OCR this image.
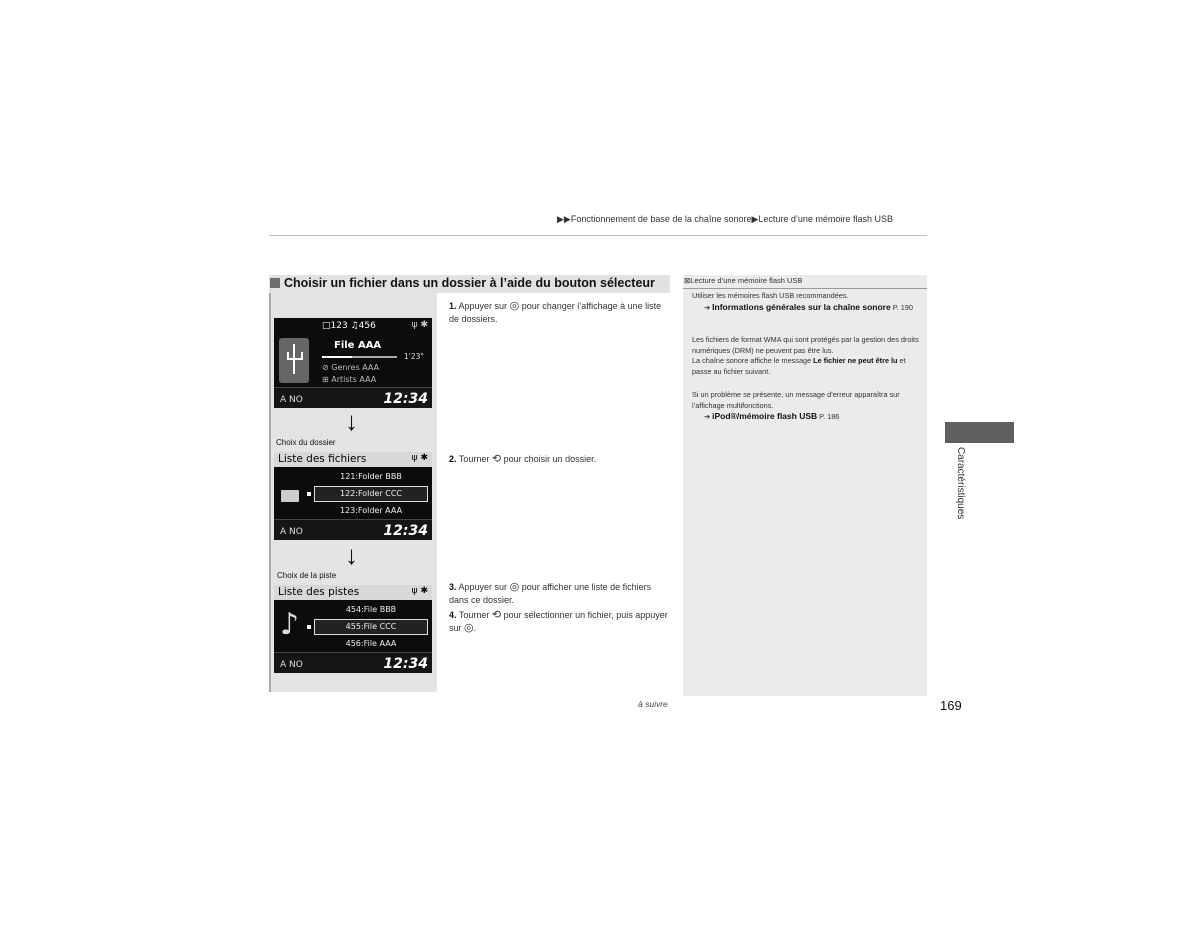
▶▶Fonctionnement de base de la chaîne sonore▶Lecture d’une mémoire flash USB
Choisir un fichier dans un dossier à l’aide du bouton sélecteur
□123 ♫456	ψ ✱
File AAA
1'23"
⊘ Genres AAA
⊞ Artists AAA
A NO	12:34
↓
Choix du dossier
Liste des fichiers	ψ ✱
121:Folder BBB
122:Folder CCC
123:Folder AAA
A NO	12:34
↓
Choix de la piste
Liste des pistes	ψ ✱
♪	454:File BBB
455:File CCC
456:File AAA
A NO	12:34
1. Appuyer sur ◎ pour changer l’affichage à une liste de dossiers.
2. Tourner ⟲ pour choisir un dossier.
3. Appuyer sur ◎ pour afficher une liste de fichiers dans ce dossier.
4. Tourner ⟲ pour sélectionner un fichier, puis appuyer sur ◎.
⊠Lecture d’une mémoire flash USB
Utiliser les mémoires flash USB recommandées.
➔ Informations générales sur la chaîne sonore P. 190
Les fichiers de format WMA qui sont protégés par la gestion des droits numériques (DRM) ne peuvent pas être lus.
La chaîne sonore affiche le message Le fichier ne peut être lu et passe au fichier suivant.
Si un problème se présente, un message d’erreur apparaîtra sur l’affichage multifonctions.
➔ iPod®/mémoire flash USB P. 186
Caractéristiques
à suivre	169
